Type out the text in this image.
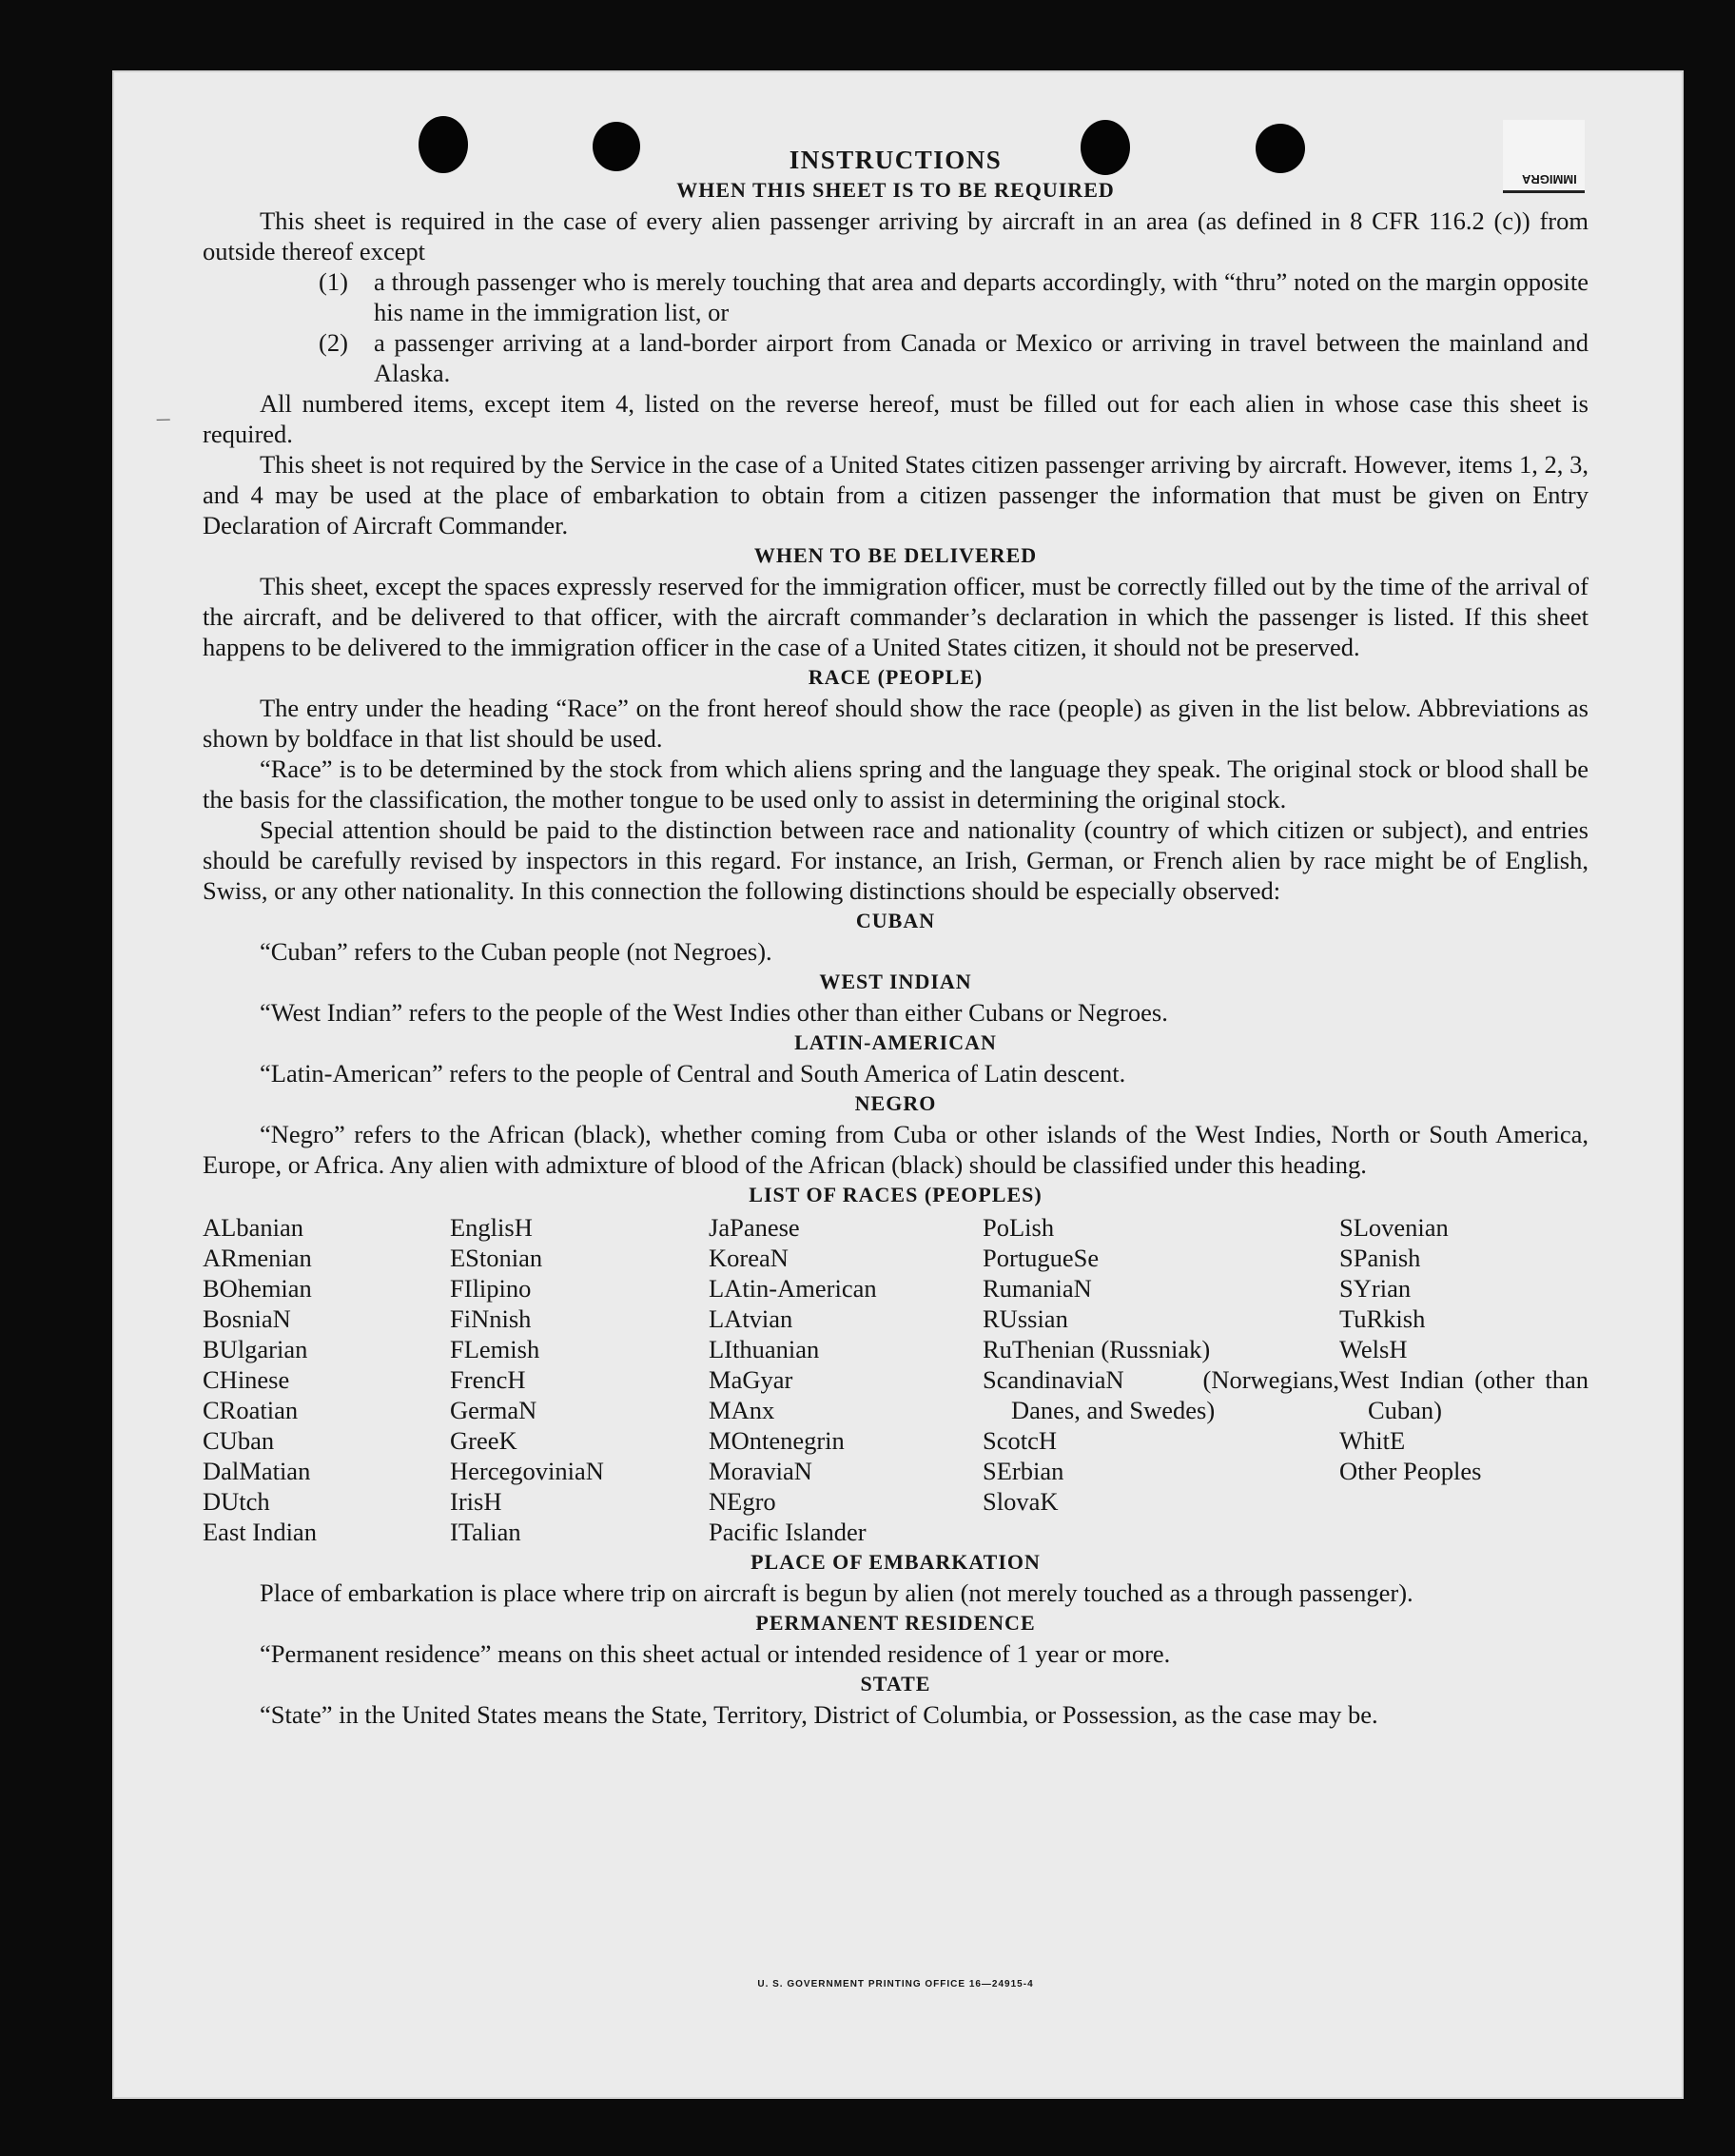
IMMIGRA
INSTRUCTIONS
WHEN THIS SHEET IS TO BE REQUIRED

This sheet is required in the case of every alien passenger arriving by aircraft in an area (as defined in 8 CFR 116.2 (c)) from outside thereof except

(1)	a through passenger who is merely touching that area and departs accordingly, with “thru” noted on the margin opposite his name in the immigration list, or
(2)	a passenger arriving at a land-border airport from Canada or Mexico or arriving in travel between the mainland and Alaska.

All numbered items, except item 4, listed on the reverse hereof, must be filled out for each alien in whose case this sheet is required.

This sheet is not required by the Service in the case of a United States citizen passenger arriving by aircraft. However, items 1, 2, 3, and 4 may be used at the place of embarkation to obtain from a citizen passenger the information that must be given on Entry Declaration of Aircraft Commander.

WHEN TO BE DELIVERED

This sheet, except the spaces expressly reserved for the immigration officer, must be correctly filled out by the time of the arrival of the aircraft, and be delivered to that officer, with the aircraft commander’s declaration in which the passenger is listed. If this sheet happens to be delivered to the immigration officer in the case of a United States citizen, it should not be preserved.

RACE (PEOPLE)

The entry under the heading “Race” on the front hereof should show the race (people) as given in the list below. Abbreviations as shown by boldface in that list should be used.

“Race” is to be determined by the stock from which aliens spring and the language they speak. The original stock or blood shall be the basis for the classification, the mother tongue to be used only to assist in determining the original stock.

Special attention should be paid to the distinction between race and nationality (country of which citizen or subject), and entries should be carefully revised by inspectors in this regard. For instance, an Irish, German, or French alien by race might be of English, Swiss, or any other nationality. In this connection the following distinctions should be especially observed:

CUBAN

“Cuban” refers to the Cuban people (not Negroes).

WEST INDIAN

“West Indian” refers to the people of the West Indies other than either Cubans or Negroes.

LATIN-AMERICAN

“Latin-American” refers to the people of Central and South America of Latin descent.

NEGRO

“Negro” refers to the African (black), whether coming from Cuba or other islands of the West Indies, North or South America, Europe, or Africa. Any alien with admixture of blood of the African (black) should be classified under this heading.

LIST OF RACES (PEOPLES)
ALbanian
ARmenian
BOhemian
BosniaN
BUlgarian
CHinese
CRoatian
CUban
DalMatian
DUtch
East Indian
EnglisH
EStonian
FIlipino
FiNnish
FLemish
FrencH
GermaN
GreeK
HercegoviniaN
IrisH
ITalian
JaPanese
KoreaN
LAtin-American
LAtvian
LIthuanian
MaGyar
MAnx
MOntenegrin
MoraviaN
NEgro
Pacific Islander
PoLish
PortugueSe
RumaniaN
RUssian
RuThenian (Russniak)
ScandinaviaN (Norwegians, Danes, and Swedes)
ScotcH
SErbian
SlovaK
SLovenian
SPanish
SYrian
TuRkish
WelsH
West Indian (other than Cuban)
WhitE
Other Peoples
PLACE OF EMBARKATION

Place of embarkation is place where trip on aircraft is begun by alien (not merely touched as a through passenger).

PERMANENT RESIDENCE

“Permanent residence” means on this sheet actual or intended residence of 1 year or more.

STATE

“State” in the United States means the State, Territory, District of Columbia, or Possession, as the case may be.

U. S. GOVERNMENT PRINTING OFFICE 16—24915-4
/
